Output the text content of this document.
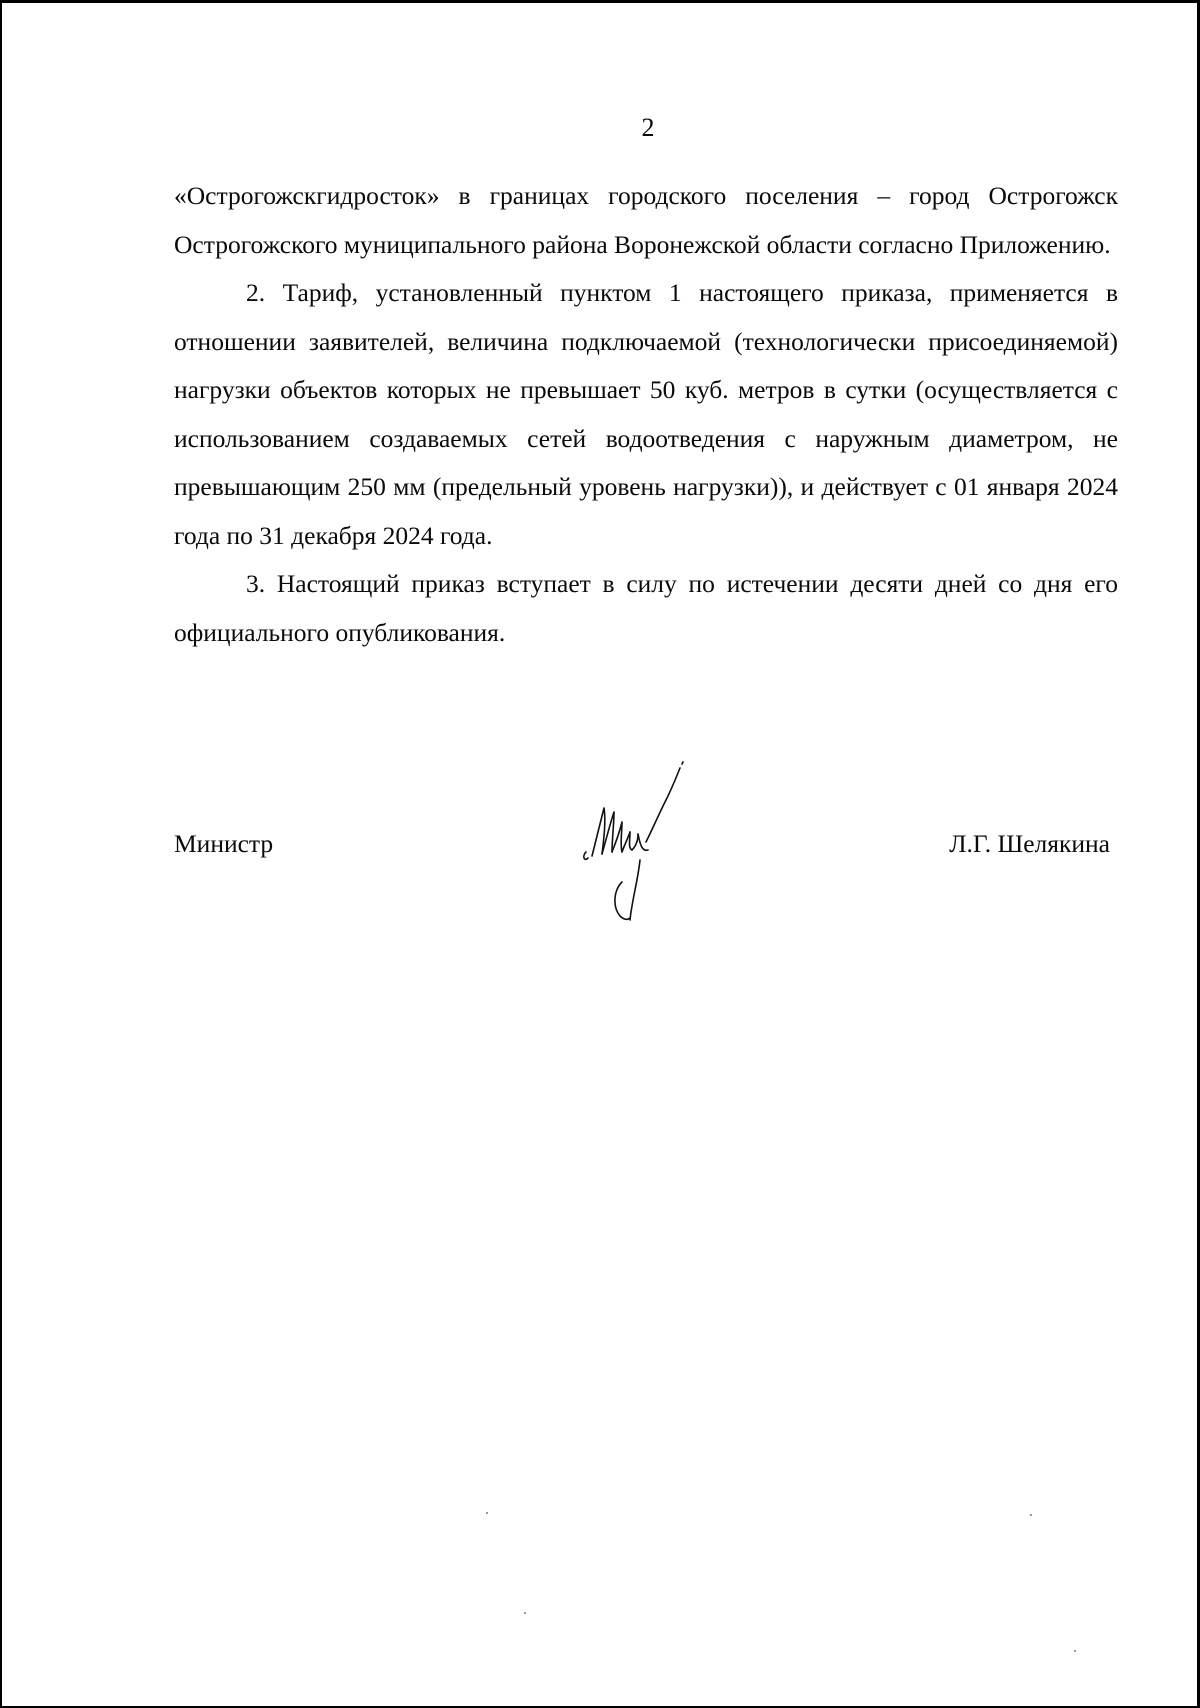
2

«Острогожскгидросток» в границах городского поселения – город Острогожск Острогожского муниципального района Воронежской области согласно Приложению.

2. Тариф, установленный пунктом 1 настоящего приказа, применяется в отношении заявителей, величина подключаемой (технологически присоединяемой) нагрузки объектов которых не превышает 50 куб. метров в сутки (осуществляется с использованием создаваемых сетей водоотведения с наружным диаметром, не превышающим 250 мм (предельный уровень нагрузки)), и действует с 01 января 2024 года по 31 декабря 2024 года.

3. Настоящий приказ вступает в силу по истечении десяти дней со дня его официального опубликования.

Министр	Л.Г. Шелякина
